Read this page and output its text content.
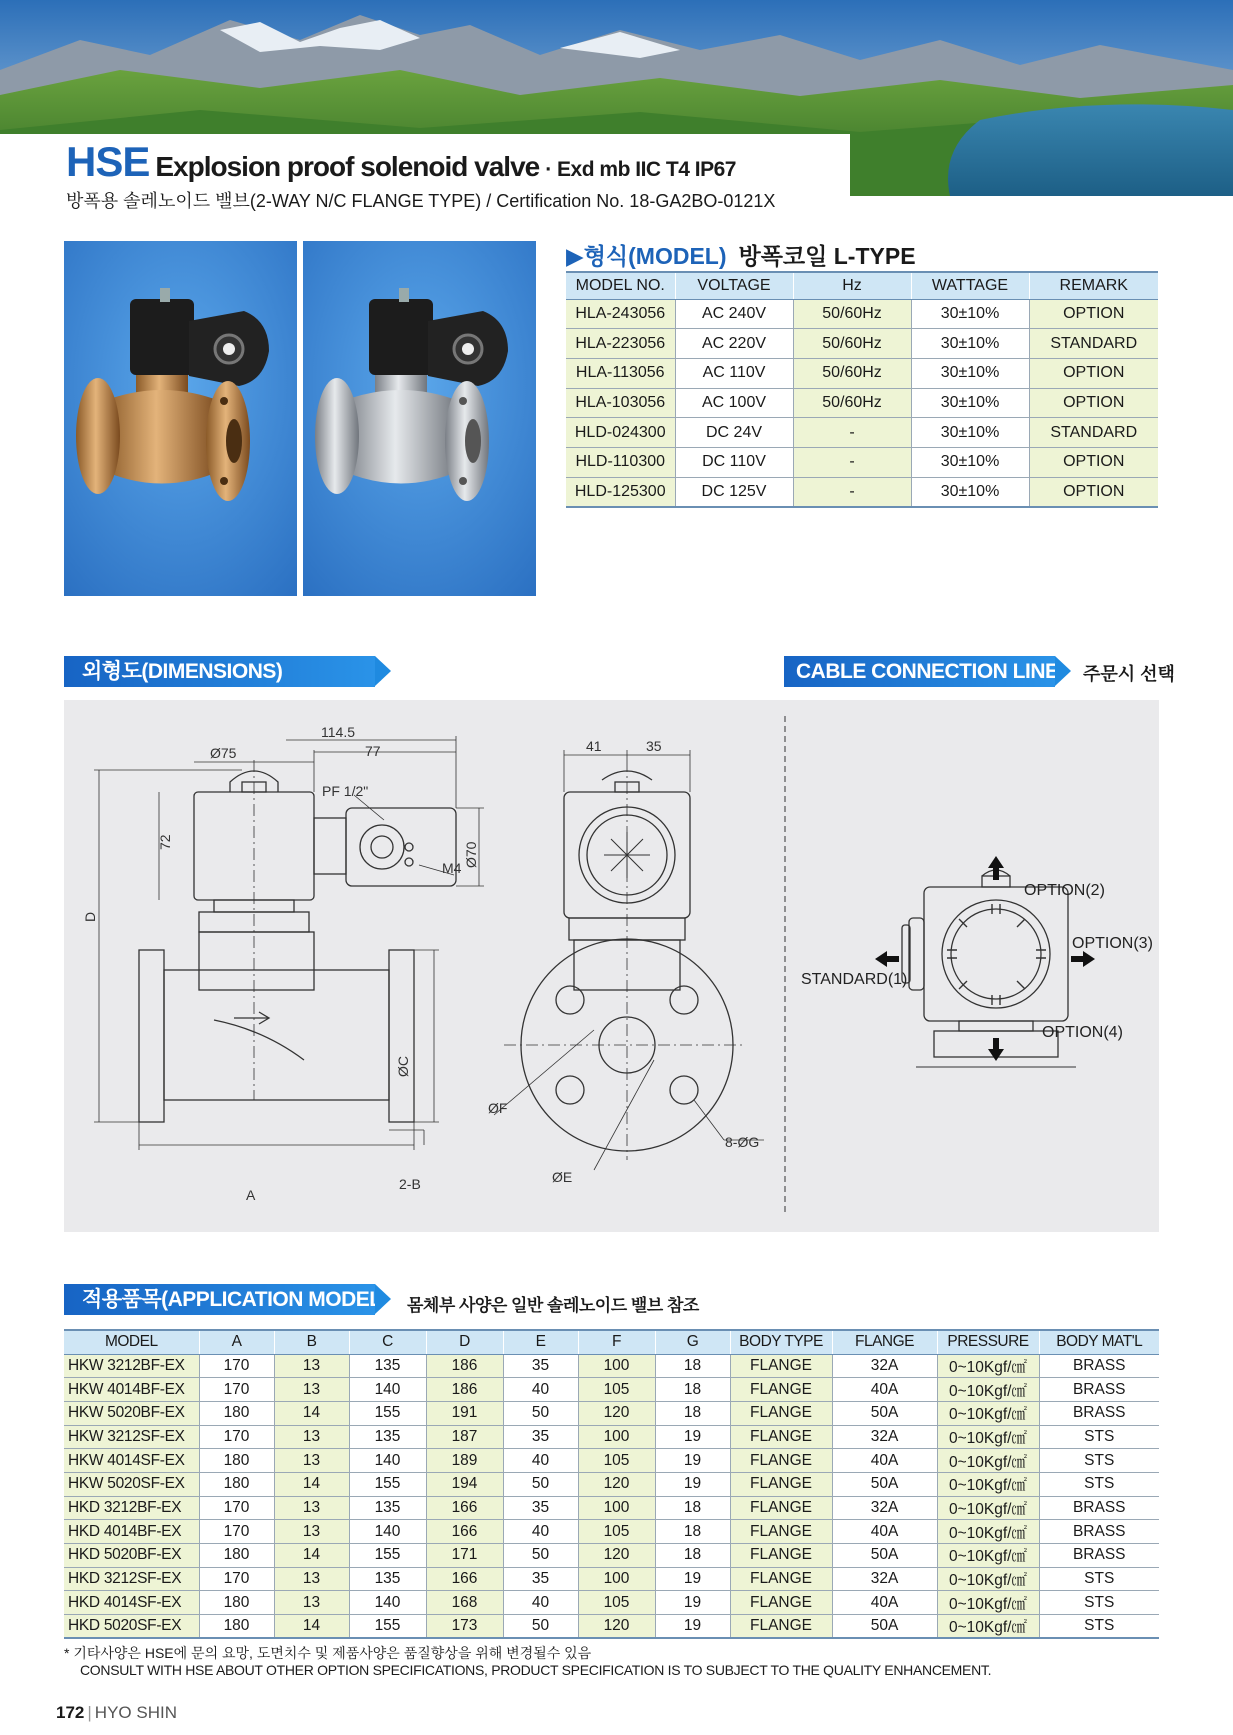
HSE Explosion proof solenoid valve · Exd mb IIC T4 IP67
방폭용 솔레노이드 밸브(2-WAY N/C FLANGE TYPE) / Certification No. 18-GA2BO-0121X
▶형식(MODEL) 방폭코일 L-TYPE
MODEL NO.	VOLTAGE	Hz	WATTAGE	REMARK
HLA-243056	AC 240V	50/60Hz	30±10%	OPTION
HLA-223056	AC 220V	50/60Hz	30±10%	STANDARD
HLA-113056	AC 110V	50/60Hz	30±10%	OPTION
HLA-103056	AC 100V	50/60Hz	30±10%	OPTION
HLD-024300	DC 24V	-	30±10%	STANDARD
HLD-110300	DC 110V	-	30±10%	OPTION
HLD-125300	DC 125V	-	30±10%	OPTION
외형도(DIMENSIONS)	CABLE CONNECTION LINE 주문시 선택
Ø75
114.5
77
PF 1/2"
72
D
M4 Ø70
ØC
A
2-B
41	35
ØF
ØE
8-ØG
OPTION(2)
OPTION(3)
STANDARD(1)
OPTION(4)
적용품목(APPLICATION MODEL) 몸체부 사양은 일반 솔레노이드 밸브 참조
MODEL	A	B	C	D	E	F	G	BODY TYPE	FLANGE	PRESSURE	BODY MAT'L
HKW 3212BF-EX	170	13	135	186	35	100	18	FLANGE	32A	0~10Kgf/㎠	BRASS
HKW 4014BF-EX	170	13	140	186	40	105	18	FLANGE	40A	0~10Kgf/㎠	BRASS
HKW 5020BF-EX	180	14	155	191	50	120	18	FLANGE	50A	0~10Kgf/㎠	BRASS
HKW 3212SF-EX	170	13	135	187	35	100	19	FLANGE	32A	0~10Kgf/㎠	STS
HKW 4014SF-EX	180	13	140	189	40	105	19	FLANGE	40A	0~10Kgf/㎠	STS
HKW 5020SF-EX	180	14	155	194	50	120	19	FLANGE	50A	0~10Kgf/㎠	STS
HKD 3212BF-EX	170	13	135	166	35	100	18	FLANGE	32A	0~10Kgf/㎠	BRASS
HKD 4014BF-EX	170	13	140	166	40	105	18	FLANGE	40A	0~10Kgf/㎠	BRASS
HKD 5020BF-EX	180	14	155	171	50	120	18	FLANGE	50A	0~10Kgf/㎠	BRASS
HKD 3212SF-EX	170	13	135	166	35	100	19	FLANGE	32A	0~10Kgf/㎠	STS
HKD 4014SF-EX	180	13	140	168	40	105	19	FLANGE	40A	0~10Kgf/㎠	STS
HKD 5020SF-EX	180	14	155	173	50	120	19	FLANGE	50A	0~10Kgf/㎠	STS
* 기타사양은 HSE에 문의 요망, 도면치수 및 제품사양은 품질향상을 위해 변경될수 있음
CONSULT WITH HSE ABOUT OTHER OPTION SPECIFICATIONS, PRODUCT SPECIFICATION IS TO SUBJECT TO THE QUALITY ENHANCEMENT.
172 | HYO SHIN
